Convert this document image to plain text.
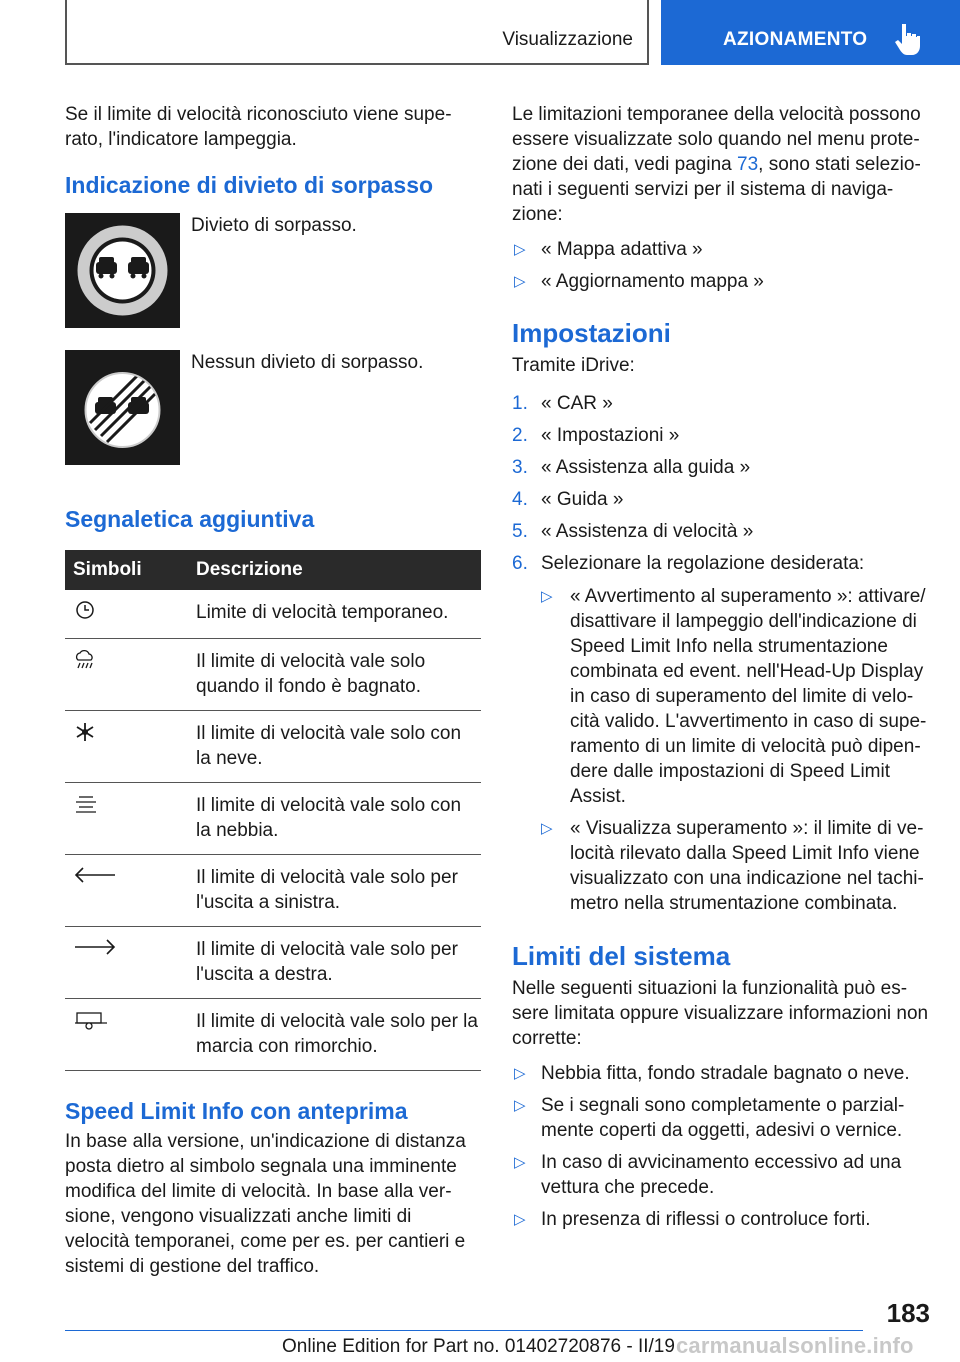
Visualizzazione	AZIONAMENTO

Se il limite di velocità riconosciuto viene superato, l'indicatore lampeggia.

Indicazione di divieto di sorpasso
Divieto di sorpasso.
Nessun divieto di sorpasso.
Segnaletica aggiuntiva
Simboli	Descrizione
	Limite di velocità temporaneo.
	Il limite di velocità vale solo quando il fondo è bagnato.
	Il limite di velocità vale solo con la neve.
	Il limite di velocità vale solo con la nebbia.
	Il limite di velocità vale solo per l'uscita a sinistra.
	Il limite di velocità vale solo per l'uscita a destra.
	Il limite di velocità vale solo per la marcia con rimorchio.
Speed Limit Info con anteprima

In base alla versione, un'indicazione di distanza posta dietro al simbolo segnala una imminente modifica del limite di velocità. In base alla versione, vengono visualizzati anche limiti di velocità temporanei, come per es. per cantieri e sistemi di gestione del traffico.

Le limitazioni temporanee della velocità possono essere visualizzate solo quando nel menu protezione dei dati, vedi pagina 73, sono stati selezionati i seguenti servizi per il sistema di navigazione:

▷ « Mappa adattiva »
▷ « Aggiornamento mappa »
Impostazioni

Tramite iDrive:

1. « CAR »
2. « Impostazioni »
3. « Assistenza alla guida »
4. « Guida »
5. « Assistenza di velocità »
6. Selezionare la regolazione desiderata:
▷ « Avvertimento al superamento »: attivare/ disattivare il lampeggio dell'indicazione di Speed Limit Info nella strumentazione combinata ed event. nell'Head-Up Display in caso di superamento del limite di velocità valido. L'avvertimento in caso di superamento di un limite di velocità può dipendere dalle impostazioni di Speed Limit Assist.
▷ « Visualizza superamento »: il limite di velocità rilevato dalla Speed Limit Info viene visualizzato con una indicazione nel tachimetro nella strumentazione combinata.
Limiti del sistema

Nelle seguenti situazioni la funzionalità può essere limitata oppure visualizzare informazioni non corrette:

▷ Nebbia fitta, fondo stradale bagnato o neve.
▷ Se i segnali sono completamente o parzialmente coperti da oggetti, adesivi o vernice.
▷ In caso di avvicinamento eccessivo ad una vettura che precede.
▷ In presenza di riflessi o controluce forti.
183
Online Edition for Part no. 01402720876 - II/19 carmanualsonline.info
